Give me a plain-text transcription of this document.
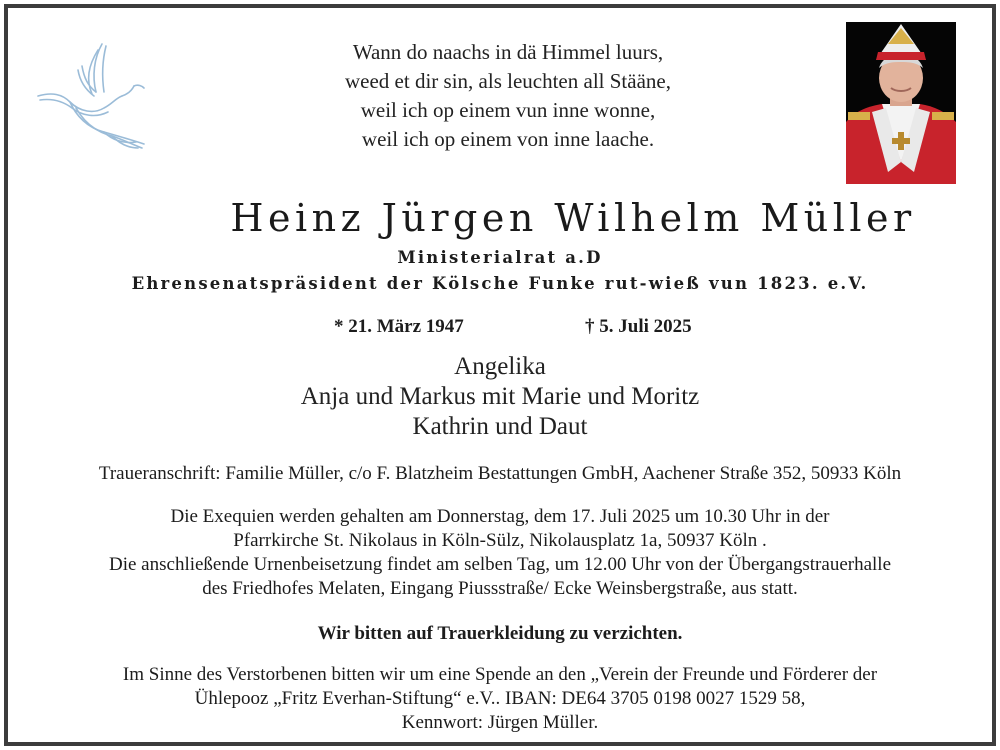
Wann do naachs in dä Himmel luurs,
weed et dir sin, als leuchten all Stääne,
weil ich op einem vun inne wonne,
weil ich op einem von inne laache.
Heinz Jürgen Wilhelm Müller
Ministerialrat a.D
Ehrensenatspräsident der Kölsche Funke rut-wieß vun 1823. e.V.
* 21. März 1947	† 5. Juli 2025
Angelika
Anja und Markus mit Marie und Moritz
Kathrin und Daut
Traueranschrift: Familie Müller, c/o F. Blatzheim Bestattungen GmbH, Aachener Straße 352, 50933 Köln
Die Exequien werden gehalten am Donnerstag, dem 17. Juli 2025 um 10.30 Uhr in der
Pfarrkirche St. Nikolaus in Köln-Sülz, Nikolausplatz 1a, 50937 Köln .
Die anschließende Urnenbeisetzung findet am selben Tag, um 12.00 Uhr von der Übergangstrauerhalle
des Friedhofes Melaten, Eingang Piussstraße/ Ecke Weinsbergstraße, aus statt.
Wir bitten auf Trauerkleidung zu verzichten.
Im Sinne des Verstorbenen bitten wir um eine Spende an den „Verein der Freunde und Förderer der
Ühlepooz „Fritz Everhan-Stiftung“ e.V.. IBAN: DE64 3705 0198 0027 1529 58,
Kennwort: Jürgen Müller.
